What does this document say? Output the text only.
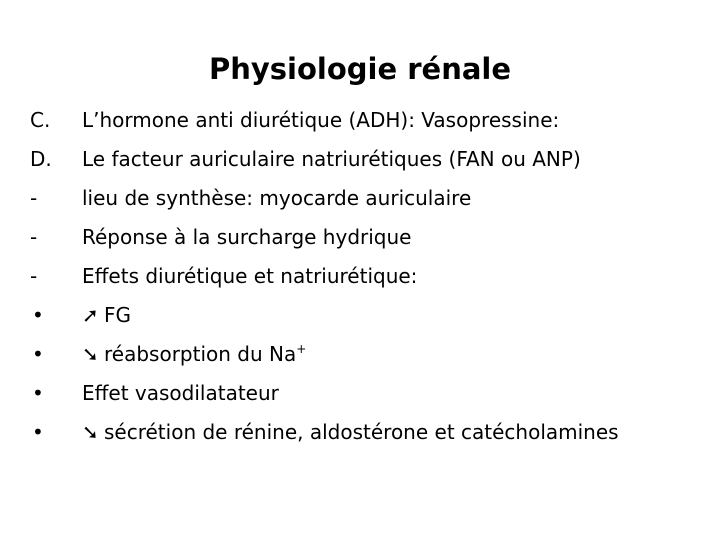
Physiologie rénale
C.	L’hormone anti diurétique (ADH): Vasopressine:
D.	Le facteur auriculaire natriurétiques (FAN ou ANP)
-	lieu de synthèse: myocarde auriculaire
-	Réponse à la surcharge hydrique
-	Effets diurétique et natriurétique:
•	➚ FG
•	➘ réabsorption du Na+
•	Effet vasodilatateur
•	➘ sécrétion de rénine, aldostérone et catécholamines
